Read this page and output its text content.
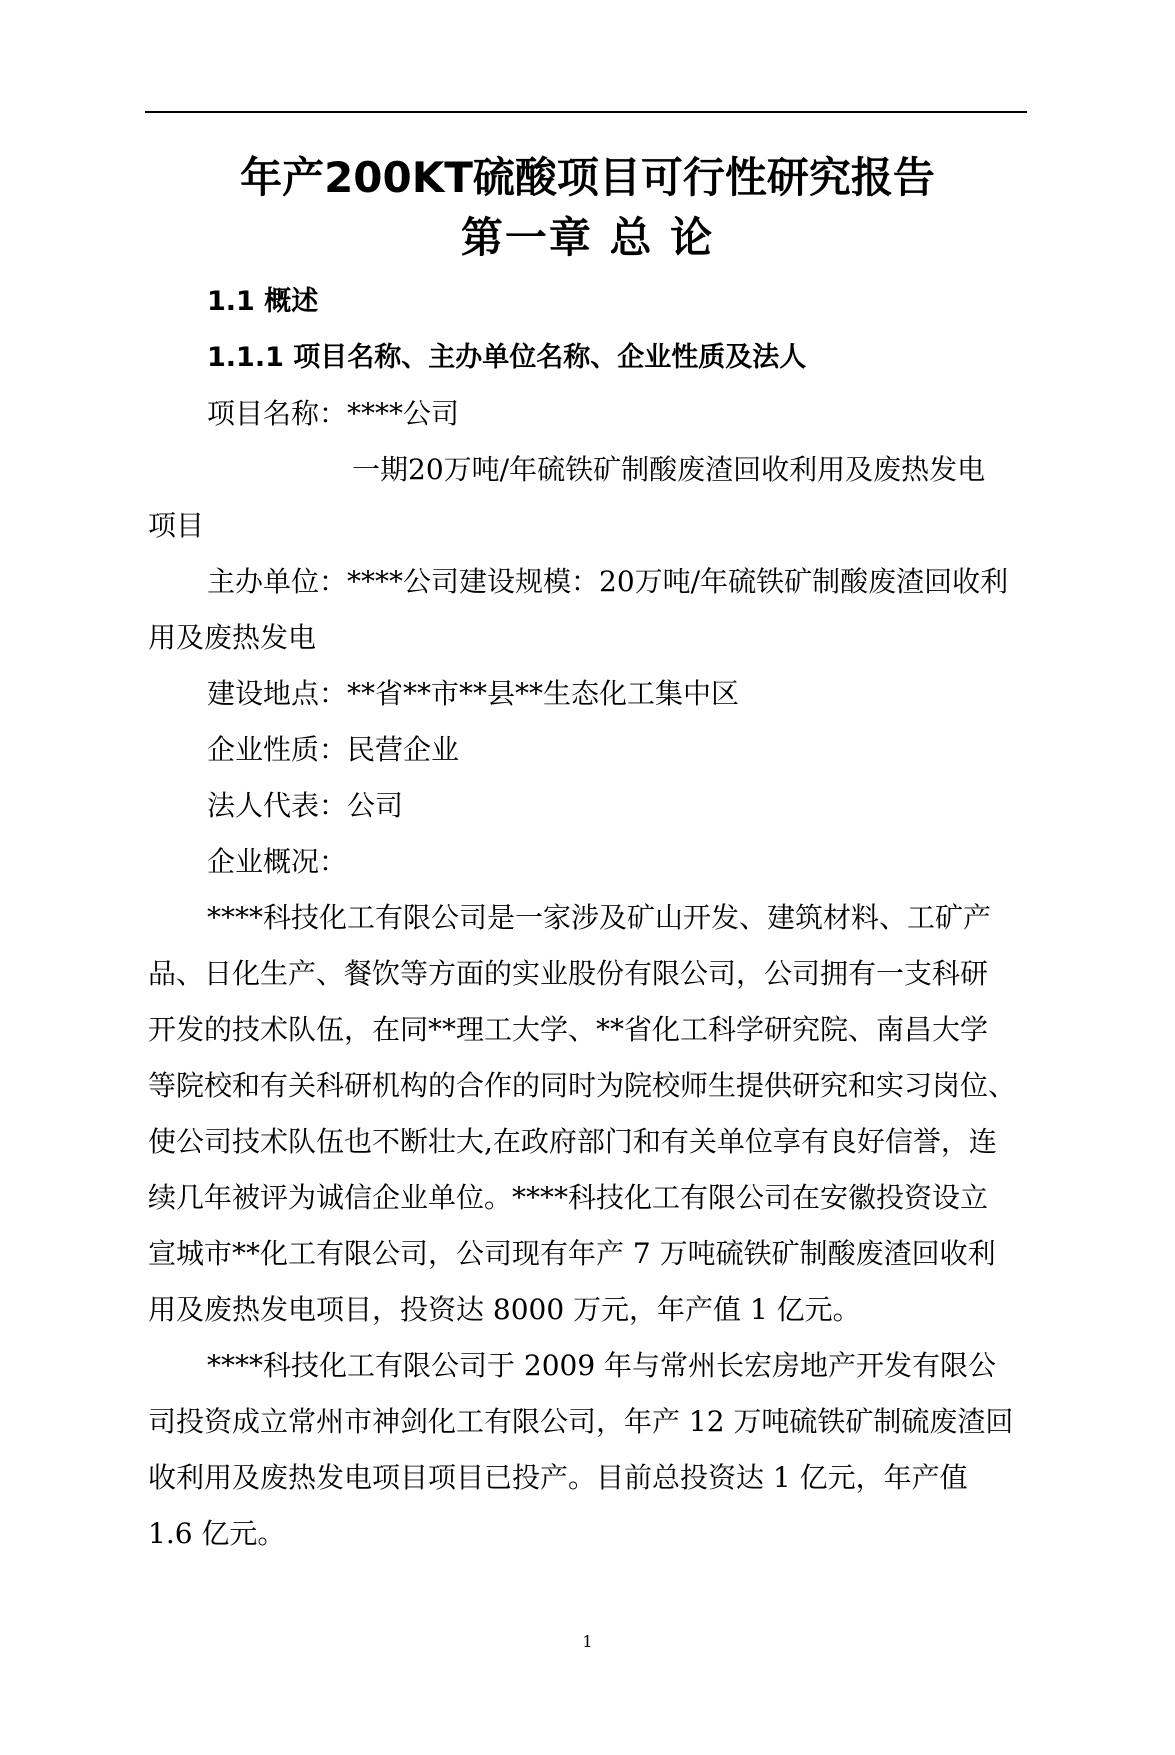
年产200KT硫酸项目可行性研究报告
第一章 总 论
1.1 概述
1.1.1 项目名称、主办单位名称、企业性质及法人
项目名称：****公司
一期20万吨/年硫铁矿制酸废渣回收利用及废热发电
项目
主办单位：****公司建设规模：20万吨/年硫铁矿制酸废渣回收利
用及废热发电
建设地点：**省**市**县**生态化工集中区
企业性质：民营企业
法人代表：公司
企业概况：
****科技化工有限公司是一家涉及矿山开发、建筑材料、工矿产
品、日化生产、餐饮等方面的实业股份有限公司，公司拥有一支科研
开发的技术队伍，在同**理工大学、**省化工科学研究院、南昌大学
等院校和有关科研机构的合作的同时为院校师生提供研究和实习岗位、
使公司技术队伍也不断壮大,在政府部门和有关单位享有良好信誉，连
续几年被评为诚信企业单位。****科技化工有限公司在安徽投资设立
宣城市**化工有限公司，公司现有年产 7 万吨硫铁矿制酸废渣回收利
用及废热发电项目，投资达 8000 万元，年产值 1 亿元。
****科技化工有限公司于 2009 年与常州长宏房地产开发有限公
司投资成立常州市神剑化工有限公司，年产 12 万吨硫铁矿制硫废渣回
收利用及废热发电项目项目已投产。目前总投资达 1 亿元，年产值
1.6 亿元。
1
